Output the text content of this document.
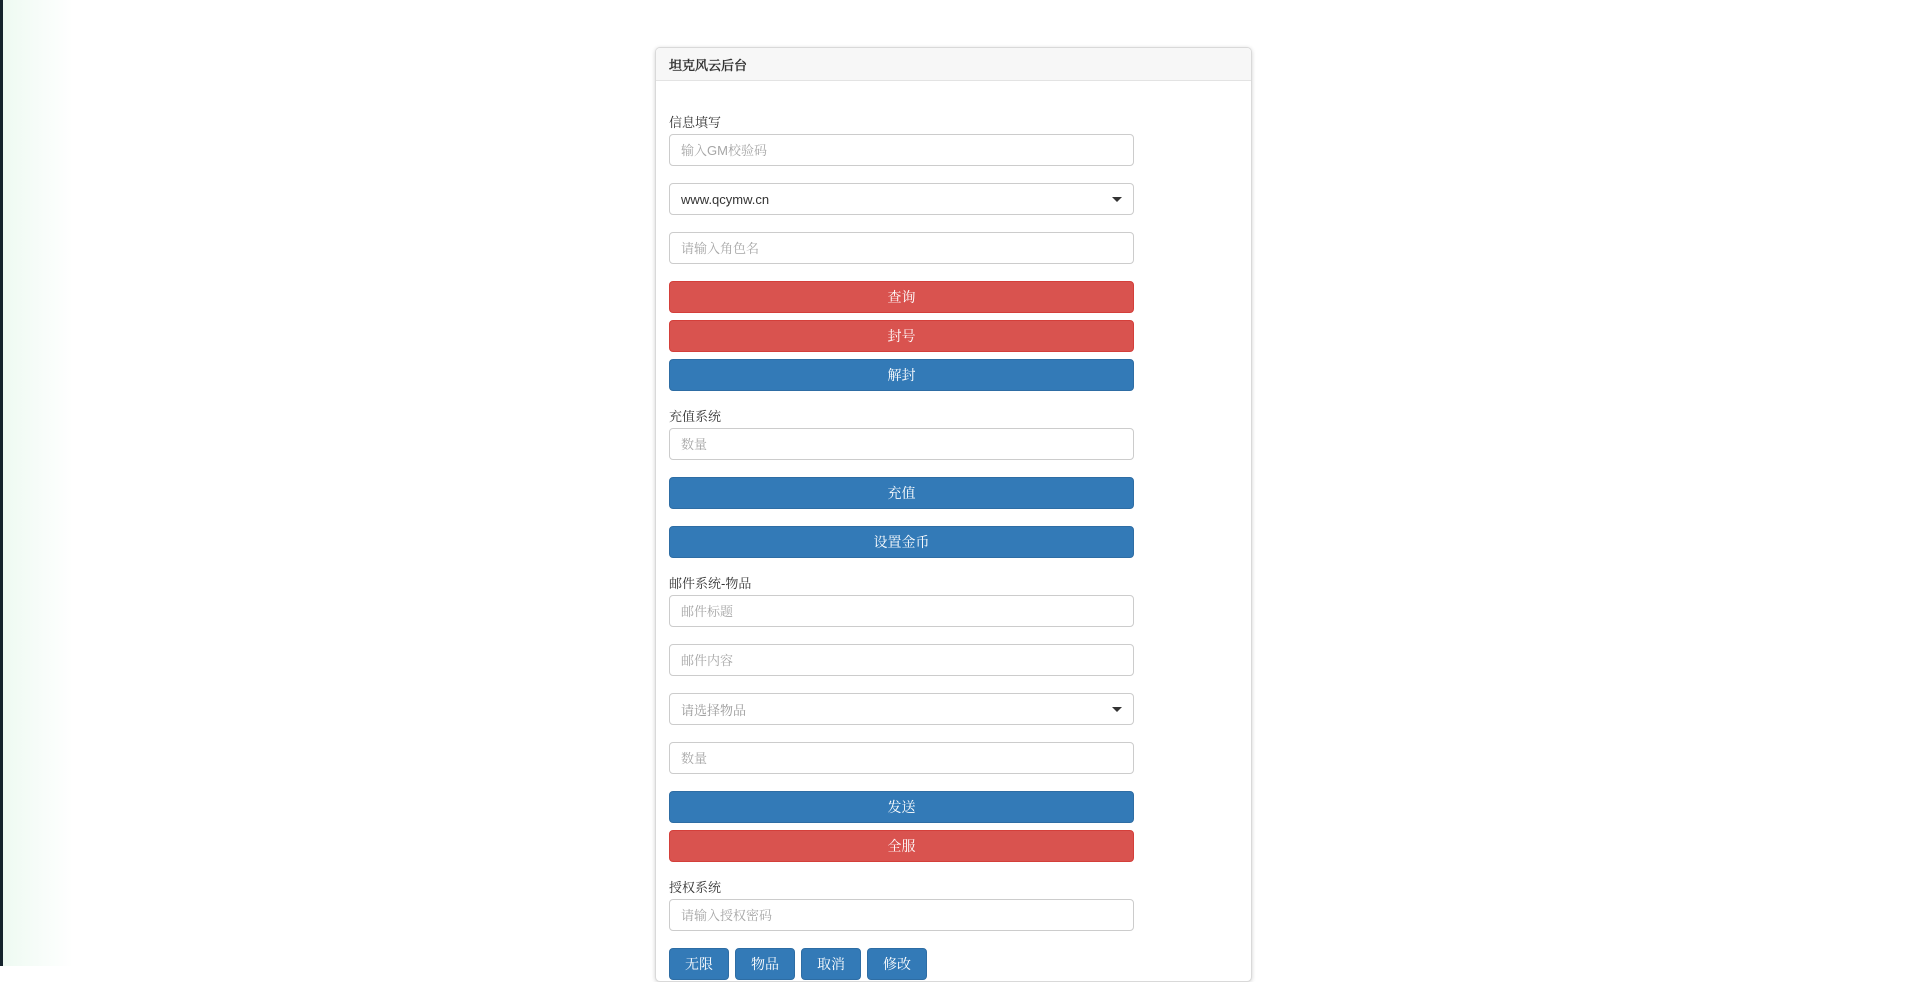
坦克风云后台
信息填写
输入GM校验码
www.qcymw.cn
请输入角色名
查询
封号
解封
充值系统
数量
充值
设置金币
邮件系统-物品
邮件标题
邮件内容
请选择物品
数量
发送
全服
授权系统
请输入授权密码
无限	物品	取消	修改
